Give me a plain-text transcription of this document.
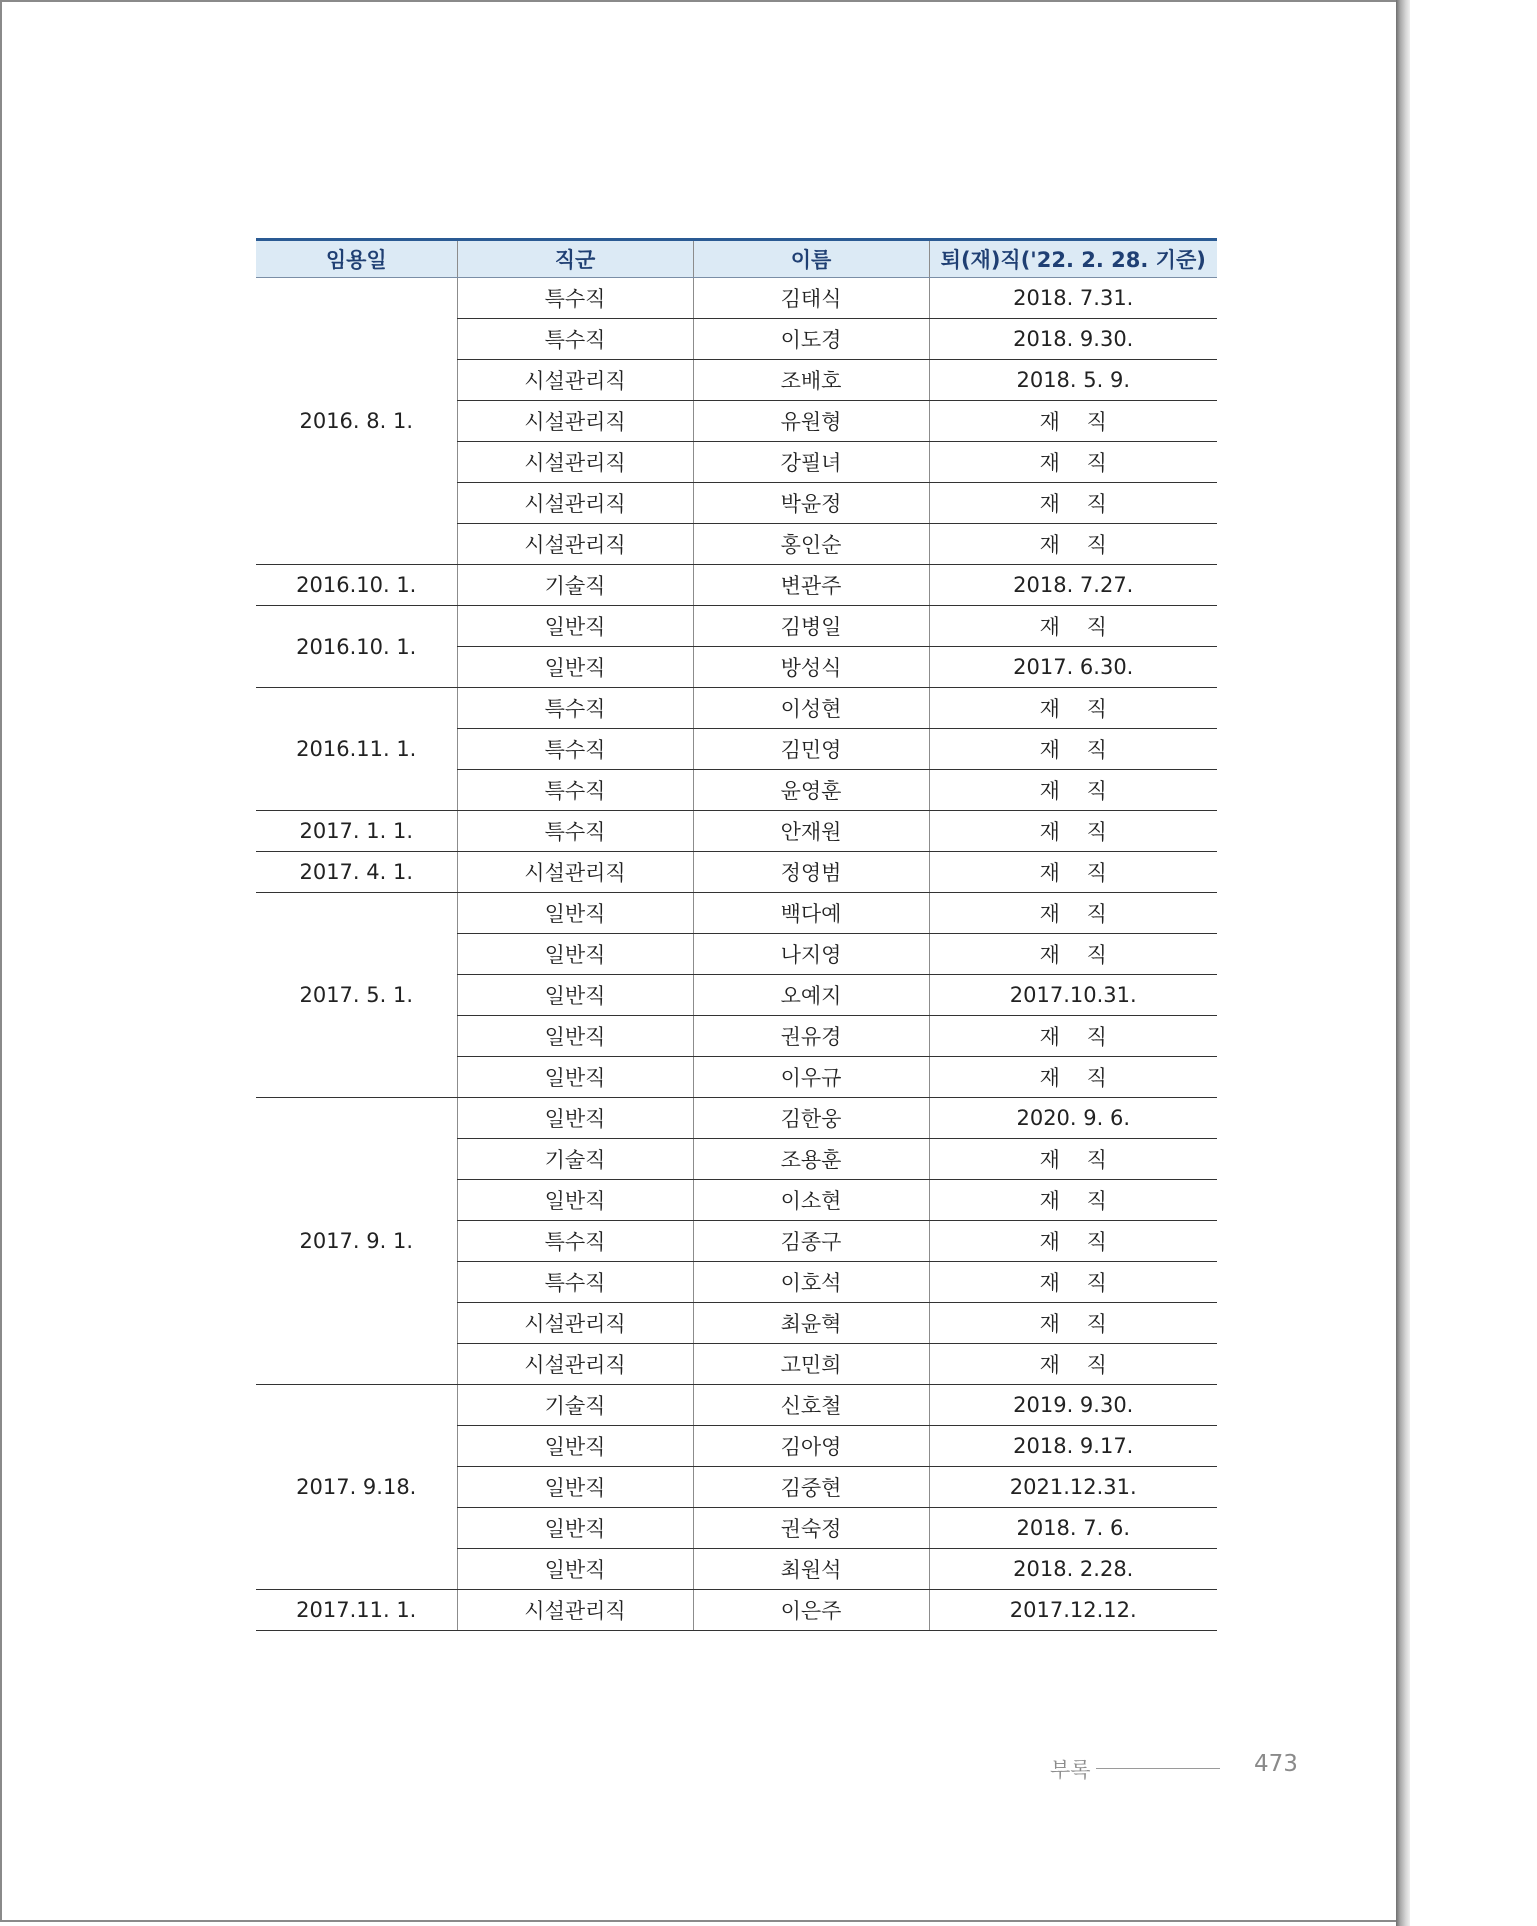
임용일	직군	이름	퇴(재)직('22. 2. 28. 기준)
2016. 8. 1.	특수직	김태식	2018. 7.31.
	특수직	이도경	2018. 9.30.
	시설관리직	조배호	2018. 5. 9.
	시설관리직	유원형	재    직
	시설관리직	강필녀	재    직
	시설관리직	박윤정	재    직
	시설관리직	홍인순	재    직
2016.10. 1.	기술직	변관주	2018. 7.27.
2016.10. 1.	일반직	김병일	재    직
	일반직	방성식	2017. 6.30.
2016.11. 1.	특수직	이성현	재    직
	특수직	김민영	재    직
	특수직	윤영훈	재    직
2017. 1. 1.	특수직	안재원	재    직
2017. 4. 1.	시설관리직	정영범	재    직
2017. 5. 1.	일반직	백다예	재    직
	일반직	나지영	재    직
	일반직	오예지	2017.10.31.
	일반직	권유경	재    직
	일반직	이우규	재    직
2017. 9. 1.	일반직	김한웅	2020. 9. 6.
	기술직	조용훈	재    직
	일반직	이소현	재    직
	특수직	김종구	재    직
	특수직	이호석	재    직
	시설관리직	최윤혁	재    직
	시설관리직	고민희	재    직
2017. 9.18.	기술직	신호철	2019. 9.30.
	일반직	김아영	2018. 9.17.
	일반직	김중현	2021.12.31.
	일반직	권숙정	2018. 7. 6.
	일반직	최원석	2018. 2.28.
2017.11. 1.	시설관리직	이은주	2017.12.12.
부록	473
